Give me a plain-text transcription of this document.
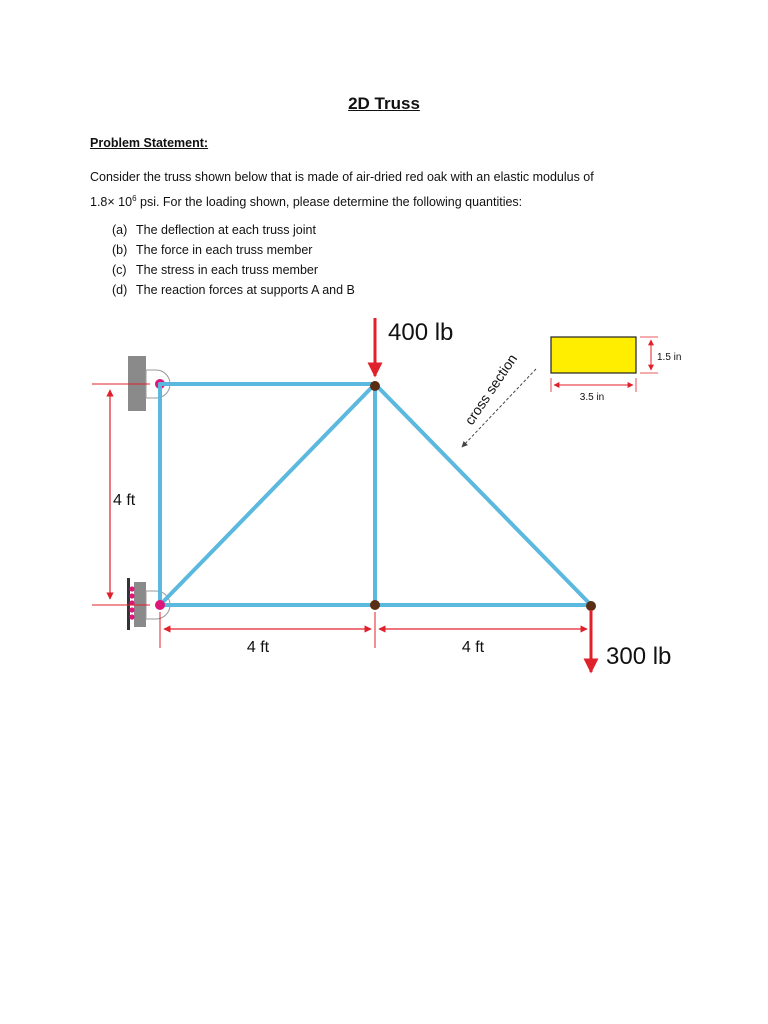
2D Truss
Problem Statement:
Consider the truss shown below that is made of air-dried red oak with an elastic modulus of
$1.8\times 10^6$ psi. For the loading shown, please determine the following quantities:
(a) The deflection at each truss joint
(b) The force in each truss member
(c) The stress in each truss member
(d) The reaction forces at supports A and B
400 lb
300 lb
4 ft
4 ft	4 ft
cross section	1.5 in
3.5 in
